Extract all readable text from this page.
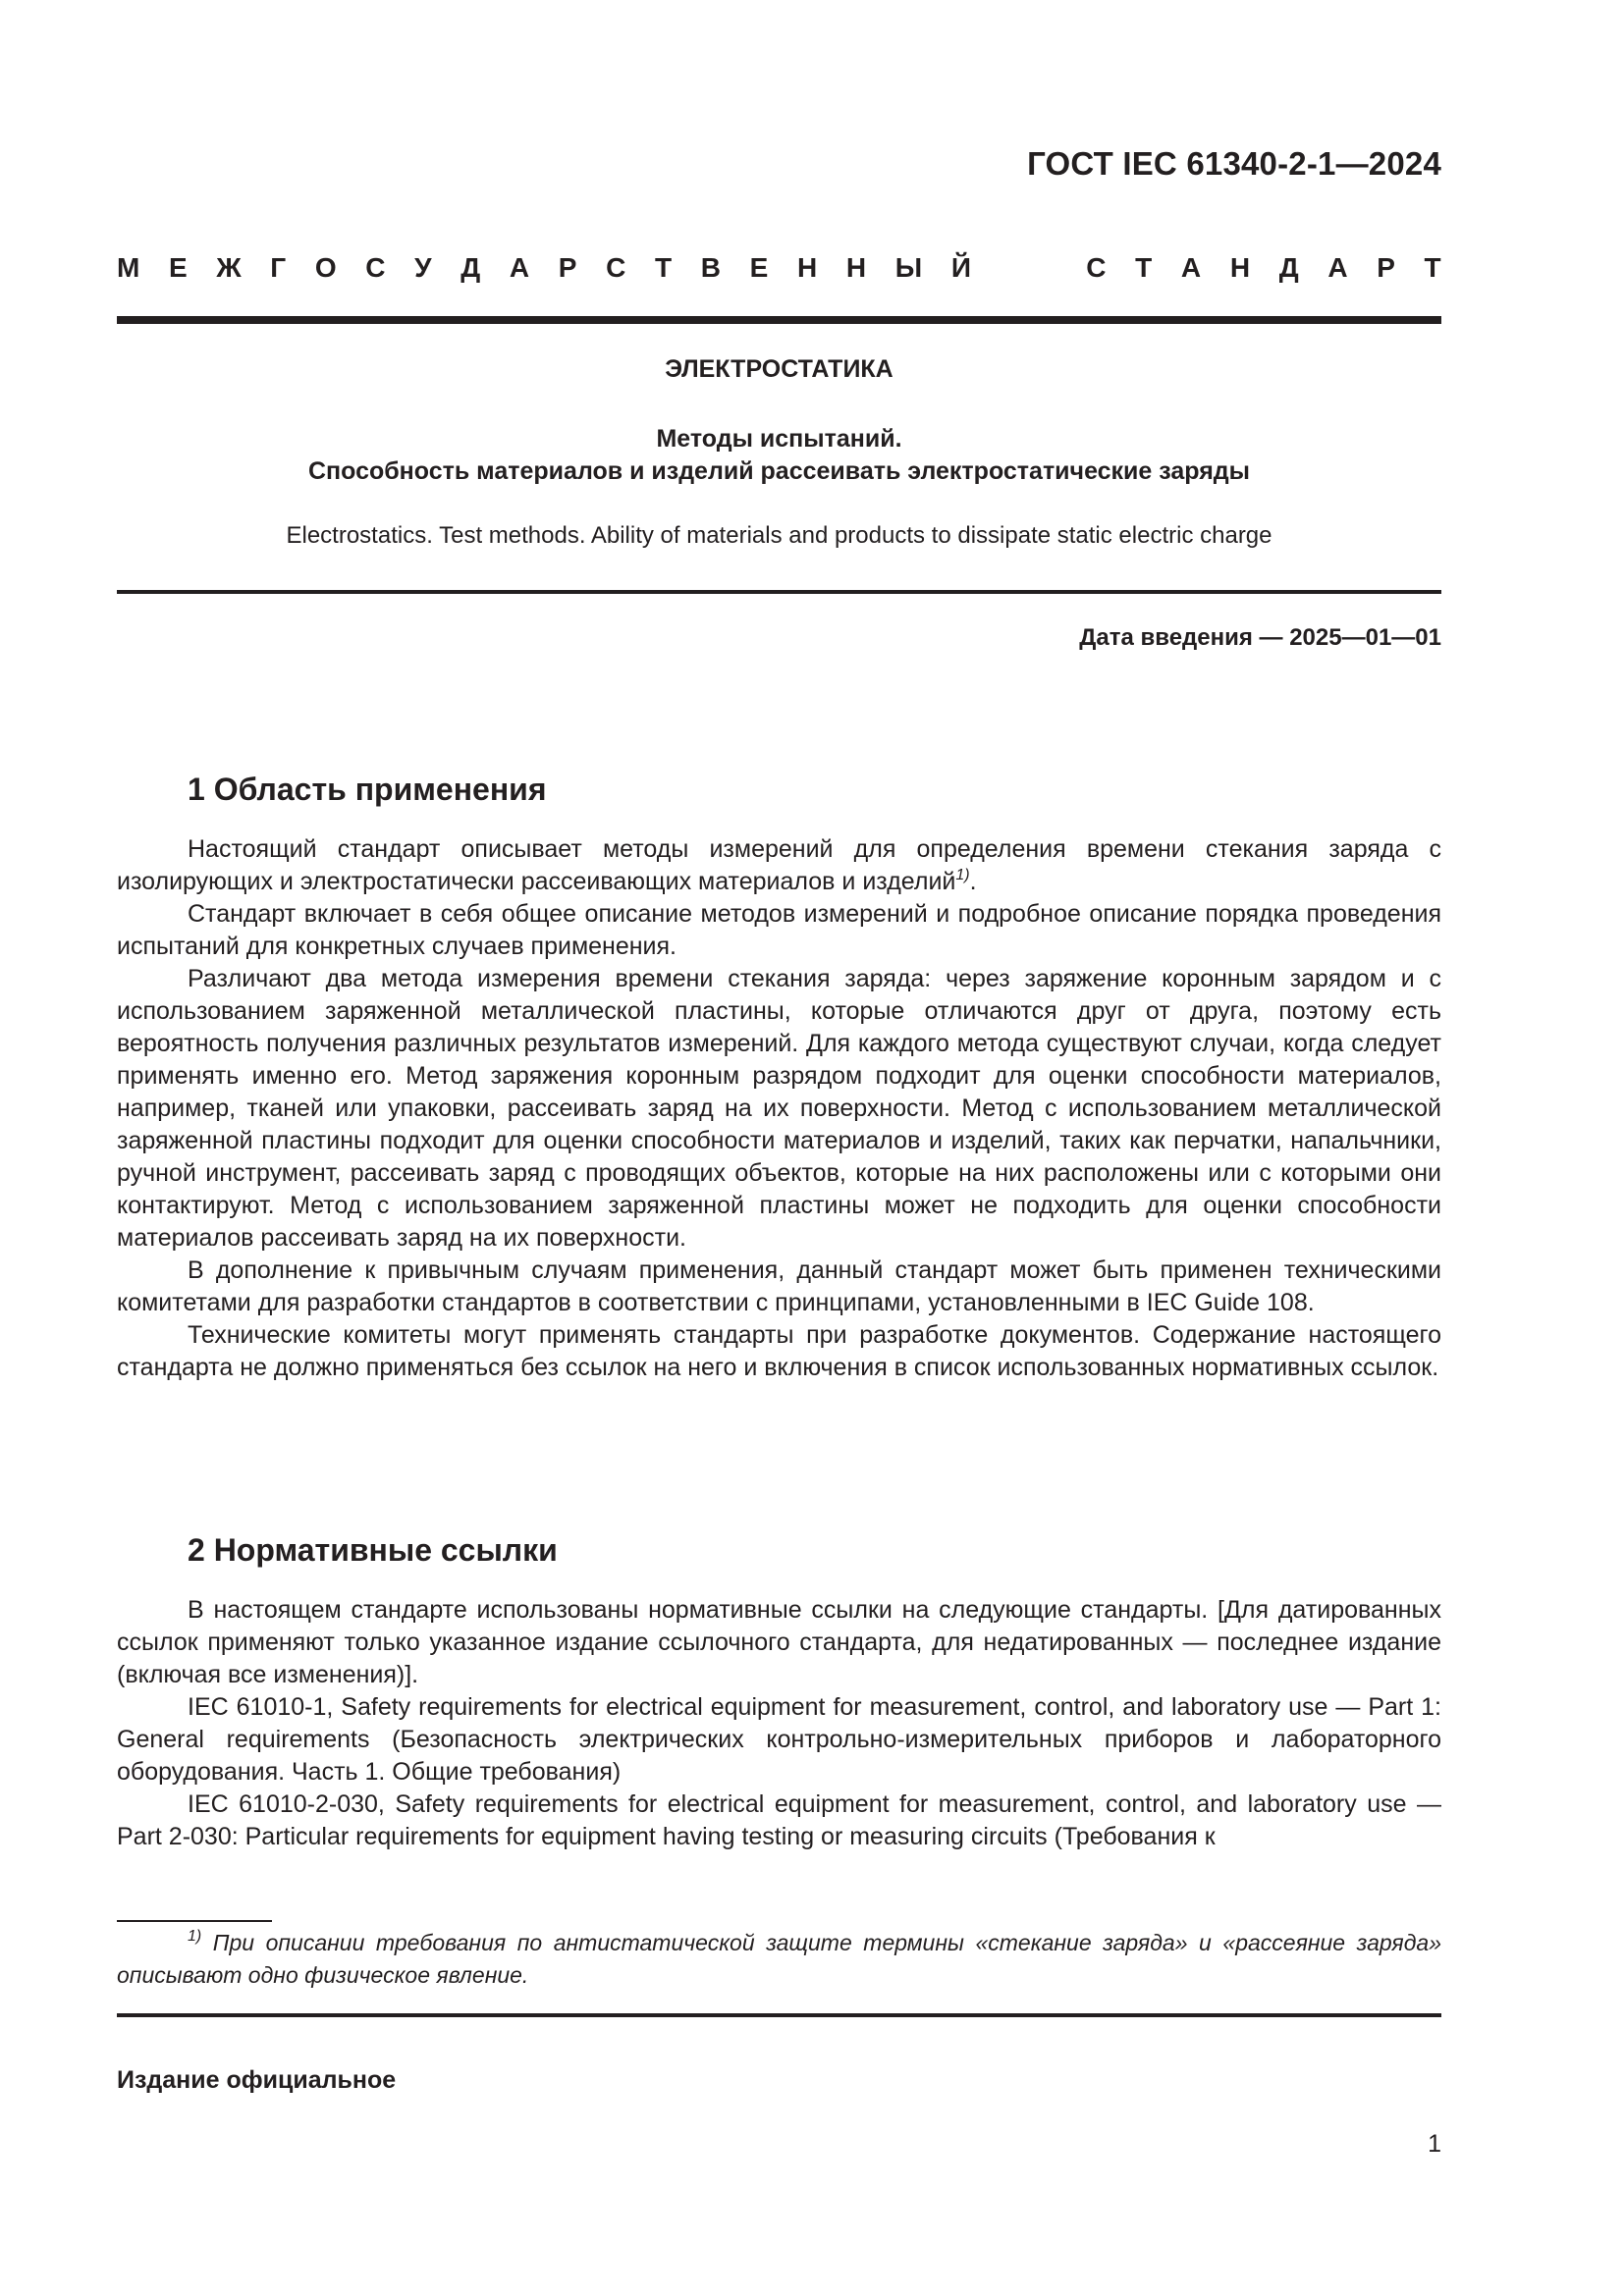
ГОСТ IEC 61340-2-1—2024
М Е Ж Г О С У Д А Р С Т В Е Н Н Ы Й	С Т А Н Д А Р Т
ЭЛЕКТРОСТАТИКА
Методы испытаний.
Способность материалов и изделий рассеивать электростатические заряды
Electrostatics. Test methods. Ability of materials and products to dissipate static electric charge
Дата введения — 2025—01—01
1 Область применения

Настоящий стандарт описывает методы измерений для определения времени стекания заряда с изолирующих и электростатически рассеивающих материалов и изделий$^{1)}$.

Стандарт включает в себя общее описание методов измерений и подробное описание порядка проведения испытаний для конкретных случаев применения.

Различают два метода измерения времени стекания заряда: через заряжение коронным зарядом и с использованием заряженной металлической пластины, которые отличаются друг от друга, поэтому есть вероятность получения различных результатов измерений. Для каждого метода существуют случаи, когда следует применять именно его. Метод заряжения коронным разрядом подходит для оценки способности материалов, например, тканей или упаковки, рассеивать заряд на их поверхности. Метод с использованием металлической заряженной пластины подходит для оценки способности материалов и изделий, таких как перчатки, напальчники, ручной инструмент, рассеивать заряд с проводящих объектов, которые на них расположены или с которыми они контактируют. Метод с использованием заряженной пластины может не подходить для оценки способности материалов рассеивать заряд на их поверхности.

В дополнение к привычным случаям применения, данный стандарт может быть применен техническими комитетами для разработки стандартов в соответствии с принципами, установленными в IEC Guide 108.

Технические комитеты могут применять стандарты при разработке документов. Содержание настоящего стандарта не должно применяться без ссылок на него и включения в список использованных нормативных ссылок.

2 Нормативные ссылки

В настоящем стандарте использованы нормативные ссылки на следующие стандарты. [Для датированных ссылок применяют только указанное издание ссылочного стандарта, для недатированных — последнее издание (включая все изменения)].

IEC 61010-1, Safety requirements for electrical equipment for measurement, control, and laboratory use — Part 1: General requirements (Безопасность электрических контрольно-измерительных приборов и лабораторного оборудования. Часть 1. Общие требования)

IEC 61010-2-030, Safety requirements for electrical equipment for measurement, control, and laboratory use — Part 2-030: Particular requirements for equipment having testing or measuring circuits (Требования к

$^{1)}$ При описании требования по антистатической защите термины «стекание заряда» и «рассеяние заряда» описывают одно физическое явление.
Издание официальное
1
